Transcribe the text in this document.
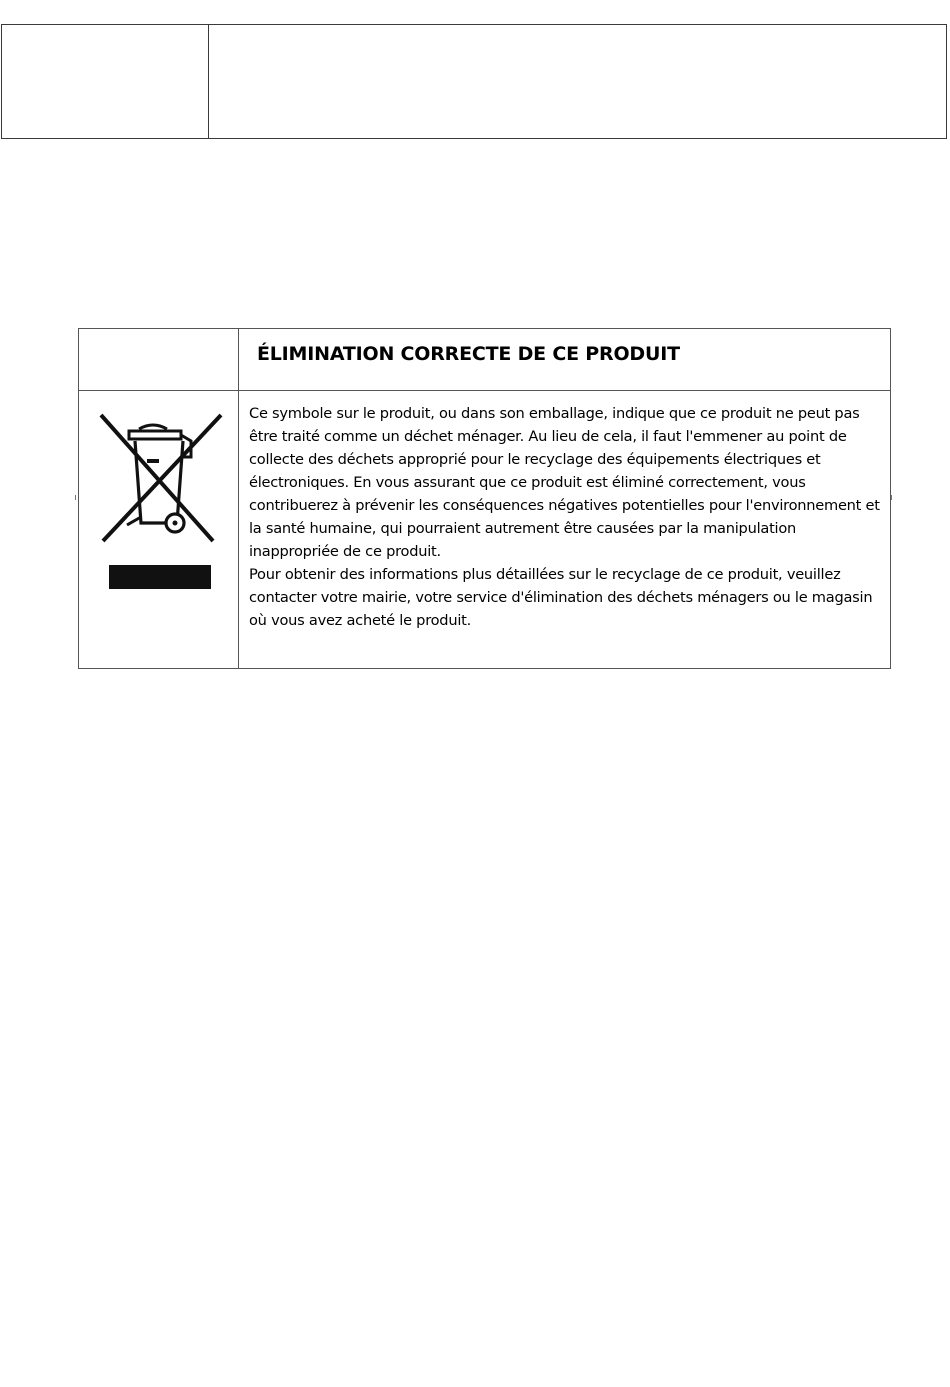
ÉLIMINATION CORRECTE DE CE PRODUIT

Ce symbole sur le produit, ou dans son emballage, indique que ce produit ne peut pas être traité comme un déchet ménager. Au lieu de cela, il faut l'emmener au point de collecte des déchets approprié pour le recyclage des équipements électriques et électroniques. En vous assurant que ce produit est éliminé correctement, vous contribuerez à prévenir les conséquences négatives potentielles pour l'environnement et la santé humaine, qui pourraient autrement être causées par la manipulation inappropriée de ce produit.

Pour obtenir des informations plus détaillées sur le recyclage de ce produit, veuillez contacter votre mairie, votre service d'élimination des déchets ménagers ou le magasin où vous avez acheté le produit.
